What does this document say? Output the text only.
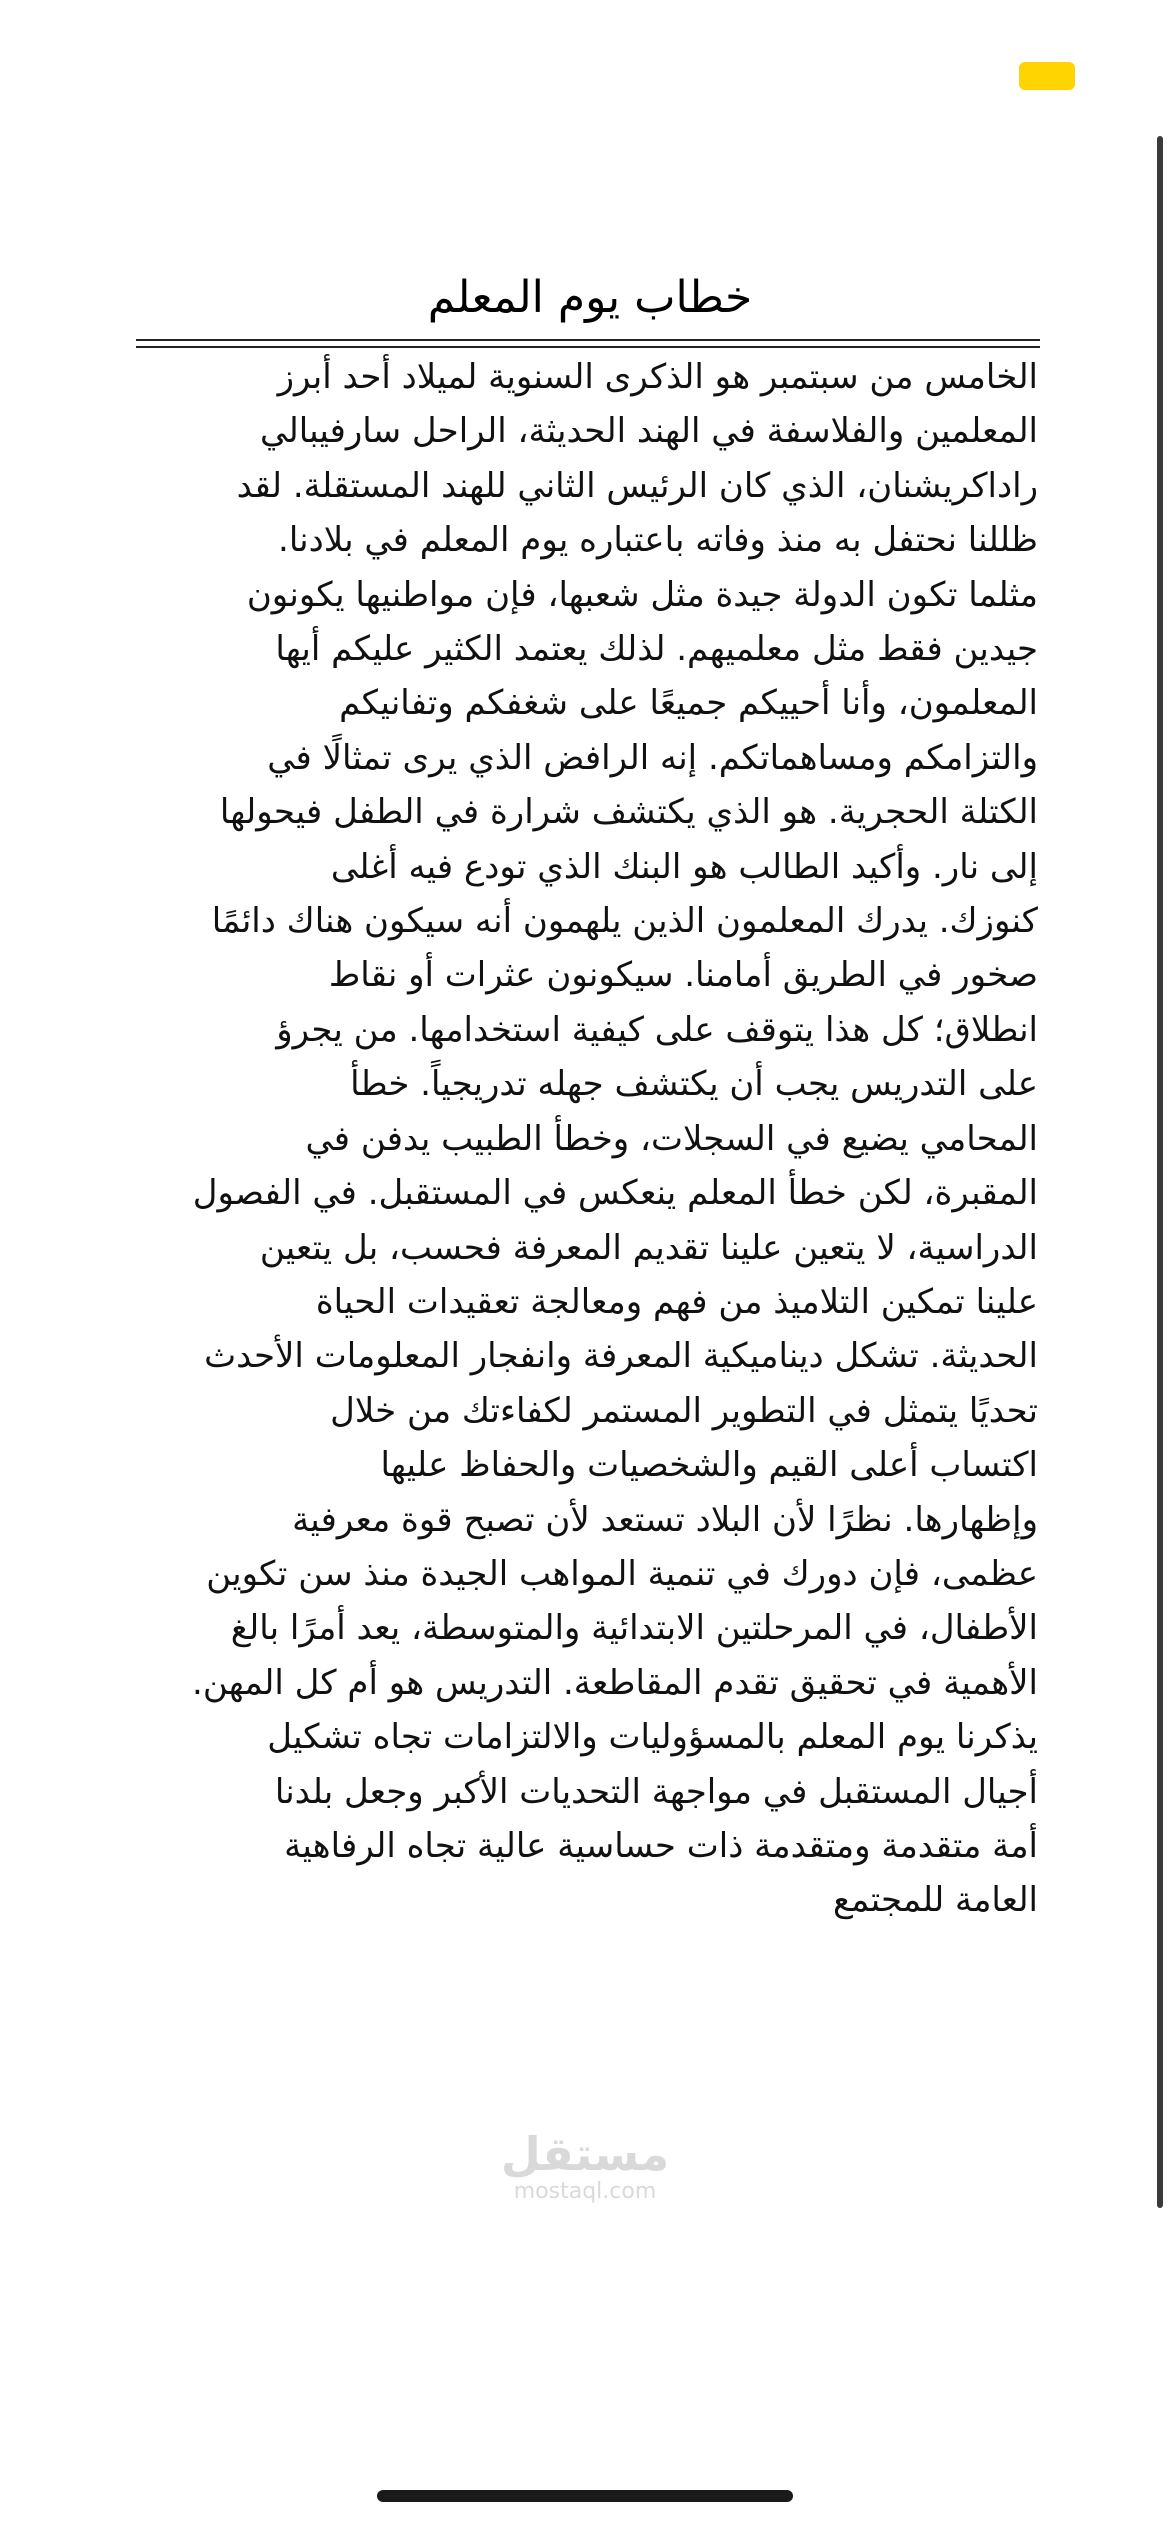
خطاب يوم المعلم
الخامس من سبتمبر هو الذكرى السنوية لميلاد أحد أبرز
المعلمين والفلاسفة في الهند الحديثة، الراحل سارفيبالي
راداكريشنان، الذي كان الرئيس الثاني للهند المستقلة. لقد
ظللنا نحتفل به منذ وفاته باعتباره يوم المعلم في بلادنا.
مثلما تكون الدولة جيدة مثل شعبها، فإن مواطنيها يكونون
جيدين فقط مثل معلميهم. لذلك يعتمد الكثير عليكم أيها
المعلمون، وأنا أحييكم جميعًا على شغفكم وتفانيكم
والتزامكم ومساهماتكم. إنه الرافض الذي يرى تمثالًا في
الكتلة الحجرية. هو الذي يكتشف شرارة في الطفل فيحولها
إلى نار. وأكيد الطالب هو البنك الذي تودع فيه أغلى
كنوزك. يدرك المعلمون الذين يلهمون أنه سيكون هناك دائمًا
صخور في الطريق أمامنا. سيكونون عثرات أو نقاط
انطلاق؛ كل هذا يتوقف على كيفية استخدامها. من يجرؤ
على التدريس يجب أن يكتشف جهله تدريجياً. خطأ
المحامي يضيع في السجلات، وخطأ الطبيب يدفن في
المقبرة، لكن خطأ المعلم ينعكس في المستقبل. في الفصول
الدراسية، لا يتعين علينا تقديم المعرفة فحسب، بل يتعين
علينا تمكين التلاميذ من فهم ومعالجة تعقيدات الحياة
الحديثة. تشكل ديناميكية المعرفة وانفجار المعلومات الأحدث
تحديًا يتمثل في التطوير المستمر لكفاءتك من خلال
اكتساب أعلى القيم والشخصيات والحفاظ عليها
وإظهارها. نظرًا لأن البلاد تستعد لأن تصبح قوة معرفية
عظمى، فإن دورك في تنمية المواهب الجيدة منذ سن تكوين
الأطفال، في المرحلتين الابتدائية والمتوسطة، يعد أمرًا بالغ
الأهمية في تحقيق تقدم المقاطعة. التدريس هو أم كل المهن.
يذكرنا يوم المعلم بالمسؤوليات والالتزامات تجاه تشكيل
أجيال المستقبل في مواجهة التحديات الأكبر وجعل بلدنا
أمة متقدمة ومتقدمة ذات حساسية عالية تجاه الرفاهية
العامة للمجتمع
مستقل
mostaql.com
